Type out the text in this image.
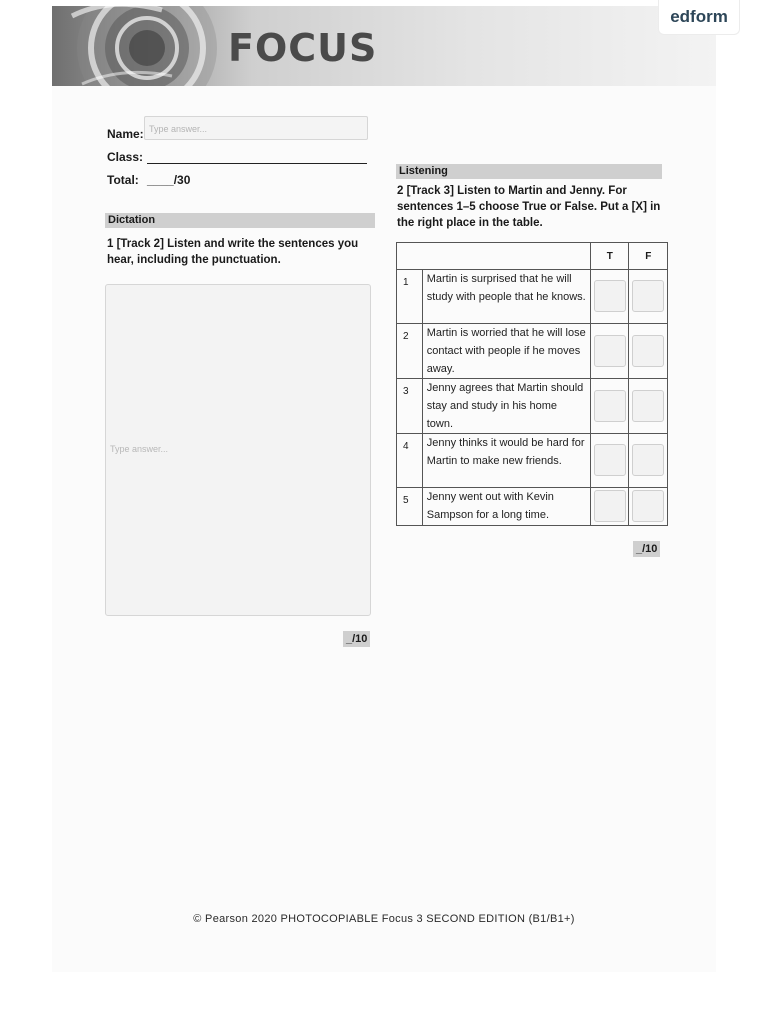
FOCUS
edform
Name:
Type answer...
Class:
Total: ____/30
Dictation
1 [Track 2] Listen and write the sentences you hear, including the punctuation.
Type answer...
_/10
Listening
2 [Track 3] Listen to Martin and Jenny. For sentences 1–5 choose True or False. Put a [X] in the right place in the table.
		T	F
1	Martin is surprised that he will study with people that he knows.		
2	Martin is worried that he will lose contact with people if he moves away.		
3	Jenny agrees that Martin should stay and study in his home town.		
4	Jenny thinks it would be hard for Martin to make new friends.		
5	Jenny went out with Kevin Sampson for a long time.		
_/10
© Pearson 2020 PHOTOCOPIABLE Focus 3 SECOND EDITION (B1/B1+)
